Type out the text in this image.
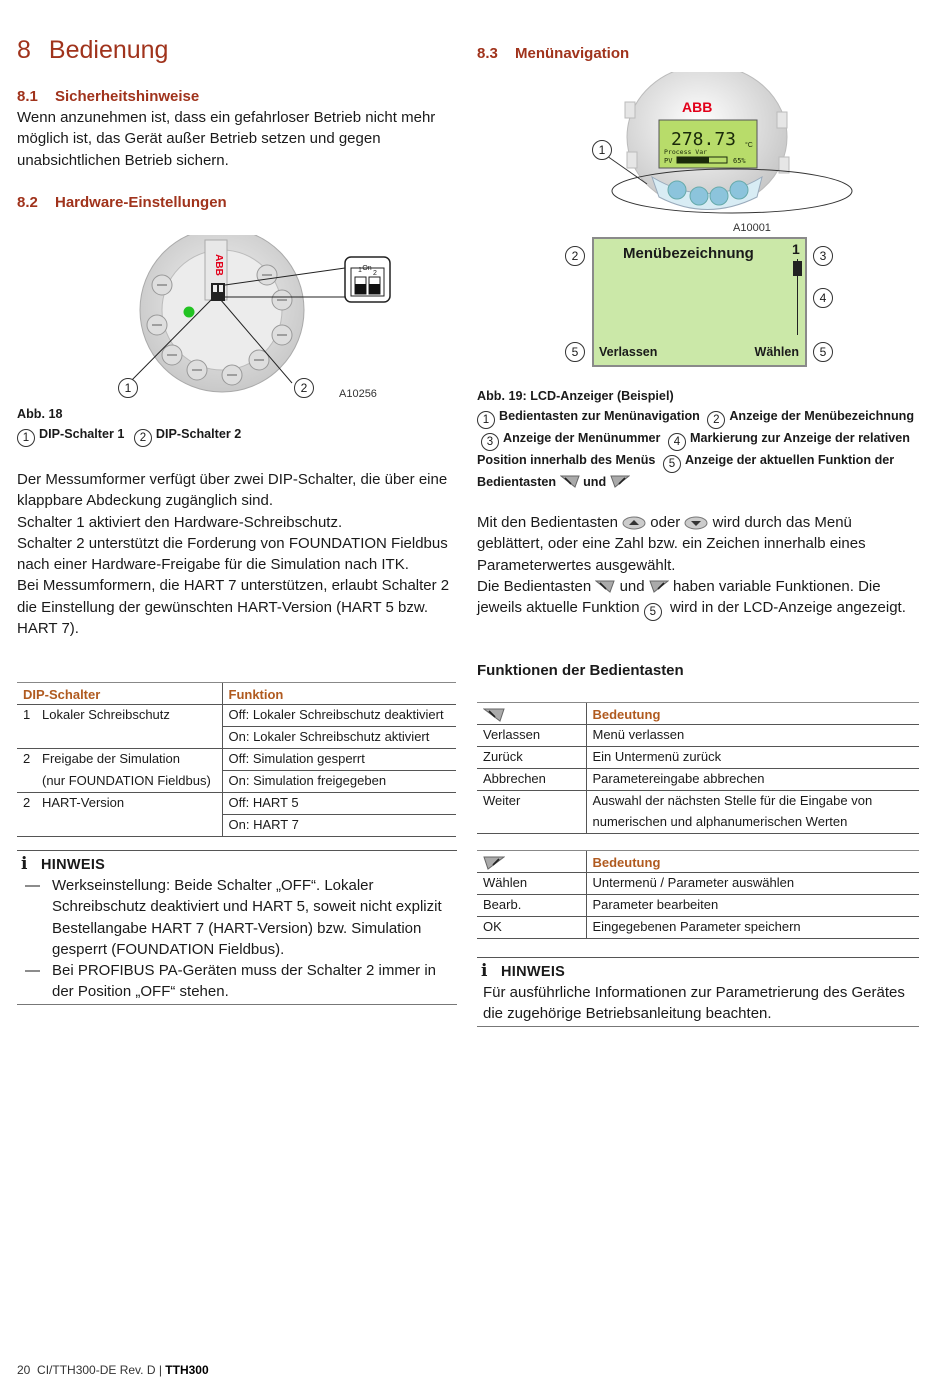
8 Bedienung
8.1 Sicherheitshinweise
Wenn anzunehmen ist, dass ein gefahrloser Betrieb nicht mehr möglich ist, das Gerät außer Betrieb setzen und gegen unabsichtlichen Betrieb sichern.
8.2 Hardware-Einstellungen
ABB	On
1 2
1	2	A10256
Abb. 18
1 DIP-Schalter 1 2 DIP-Schalter 2
Der Messumformer verfügt über zwei DIP-Schalter, die über eine klappbare Abdeckung zugänglich sind.
Schalter 1 aktiviert den Hardware-Schreibschutz.
Schalter 2 unterstützt die Forderung von FOUNDATION Fieldbus nach einer Hardware-Freigabe für die Simulation nach ITK.
Bei Messumformern, die HART 7 unterstützen, erlaubt Schalter 2 die Einstellung der gewünschten HART-Version (HART 5 bzw. HART 7).
DIP-Schalter	Funktion
1 Lokaler Schreibschutz	Off: Lokaler Schreibschutz deaktiviert
	On: Lokaler Schreibschutz aktiviert
2 Freigabe der Simulation	Off: Simulation gesperrt
(nur FOUNDATION Fieldbus)	On: Simulation freigegeben
2 HART-Version	Off: HART 5
	On: HART 7
i HINWEIS
— Werkseinstellung: Beide Schalter „OFF“. Lokaler Schreibschutz deaktiviert und HART 5, soweit nicht explizit Bestellangabe HART 7 (HART-Version) bzw. Simulation gesperrt (FOUNDATION Fieldbus).
— Bei PROFIBUS PA-Geräten muss der Schalter 2 immer in der Position „OFF“ stehen.
8.3 Menünavigation
ABB
278.73 °C
Process Var
PV	65%
1
A10001
Menübezeichnung	1
Verlassen	Wählen
2	3
4
5	5
Abb. 19: LCD-Anzeiger (Beispiel)
1 Bedientasten zur Menünavigation 2 Anzeige der Menübezeichnung 3 Anzeige der Menünummer 4 Markierung zur Anzeige der relativen Position innerhalb des Menüs 5 Anzeige der aktuellen Funktion der Bedientasten und
Mit den Bedientasten oder wird durch das Menü geblättert, oder eine Zahl bzw. ein Zeichen innerhalb eines Parameterwertes ausgewählt.
Die Bedientasten und haben variable Funktionen. Die jeweils aktuelle Funktion 5 wird in der LCD-Anzeige angezeigt.
Funktionen der Bedientasten
	Bedeutung
Verlassen	Menü verlassen
Zurück	Ein Untermenü zurück
Abbrechen	Parametereingabe abbrechen
Weiter	Auswahl der nächsten Stelle für die Eingabe von
	numerischen und alphanumerischen Werten
	Bedeutung
Wählen	Untermenü / Parameter auswählen
Bearb.	Parameter bearbeiten
OK	Eingegebenen Parameter speichern
i HINWEIS
Für ausführliche Informationen zur Parametrierung des Gerätes die zugehörige Betriebsanleitung beachten.
20 CI/TTH300-DE Rev. D | TTH300
